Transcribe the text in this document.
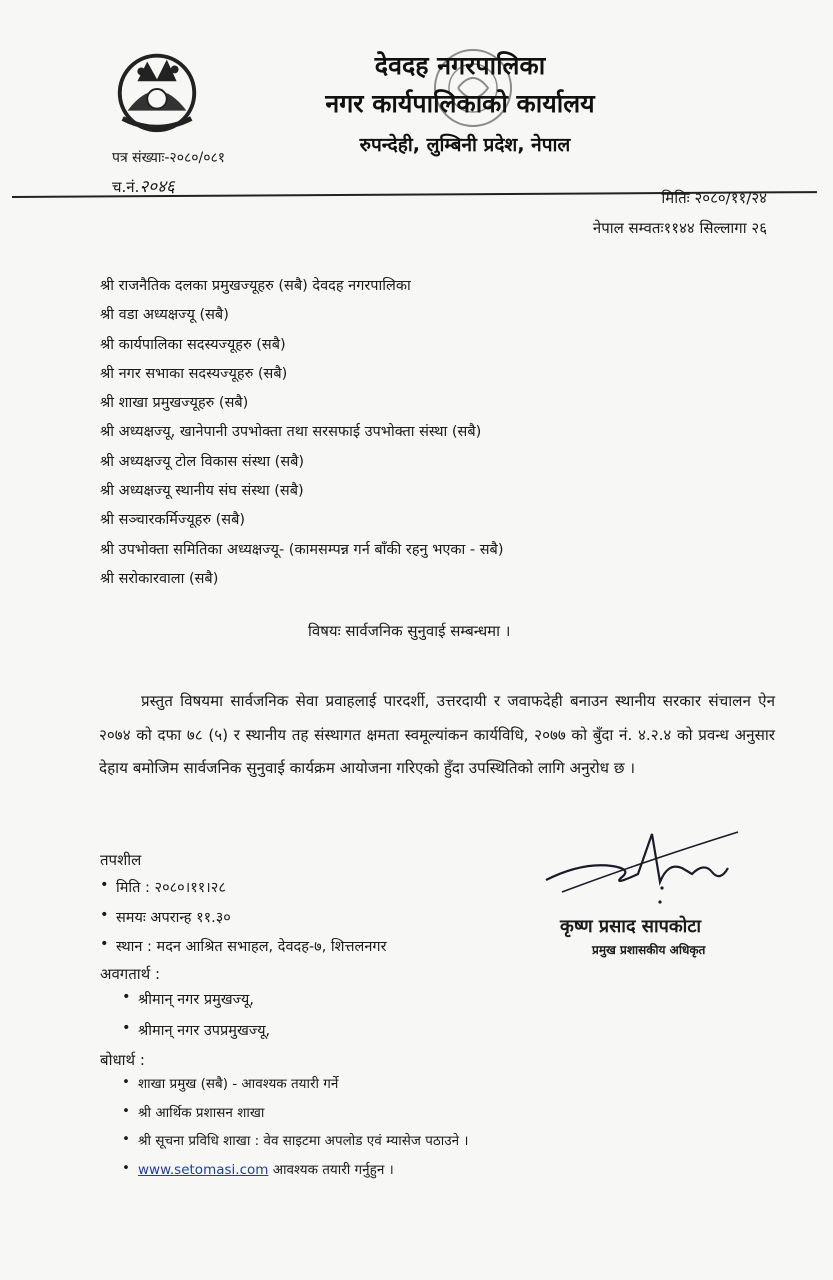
देवदह नगरपालिका
नगर कार्यपालिकाको कार्यालय
रुपन्देही, लुम्बिनी प्रदेश, नेपाल
पत्र संख्याः-२०८०/०८१
च.नं.२०४६
मितिः २०८०/११/२४
नेपाल सम्वतः११४४ सिल्लागा २६
श्री राजनैतिक दलका प्रमुखज्यूहरु (सबै) देवदह नगरपालिका
श्री वडा अध्यक्षज्यू (सबै)
श्री कार्यपालिका सदस्यज्यूहरु (सबै)
श्री नगर सभाका सदस्यज्यूहरु (सबै)
श्री शाखा प्रमुखज्यूहरु (सबै)
श्री अध्यक्षज्यू, खानेपानी उपभोक्ता तथा सरसफाई उपभोक्ता संस्था (सबै)
श्री अध्यक्षज्यू टोल विकास संस्था (सबै)
श्री अध्यक्षज्यू स्थानीय संघ संस्था (सबै)
श्री सञ्चारकर्मिज्यूहरु (सबै)
श्री उपभोक्ता समितिका अध्यक्षज्यू- (कामसम्पन्न गर्न बाँकी रहनु भएका - सबै)
श्री सरोकारवाला (सबै)
विषयः सार्वजनिक सुनुवाई सम्बन्धमा ।

प्रस्तुत विषयमा सार्वजनिक सेवा प्रवाहलाई पारदर्शी, उत्तरदायी र जवाफदेही बनाउन स्थानीय सरकार संचालन ऐन २०७४ को दफा ७८ (५) र स्थानीय तह संस्थागत क्षमता स्वमूल्यांकन कार्यविधि, २०७७ को बुँदा नं. ४.२.४ को प्रवन्ध अनुसार देहाय बमोजिम सार्वजनिक सुनुवाई कार्यक्रम आयोजना गरिएको हुँदा उपस्थितिको लागि अनुरोध छ ।

तपशील
• मिति : २०८०।११।२८
• समयः अपरान्ह ११.३०
• स्थान : मदन आश्रित सभाहल, देवदह-७, शित्तलनगर
अवगतार्थ :
• श्रीमान् नगर प्रमुखज्यू,
• श्रीमान् नगर उपप्रमुखज्यू,
बोधार्थ :
• शाखा प्रमुख (सबै) - आवश्यक तयारी गर्ने
• श्री आर्थिक प्रशासन शाखा
• श्री सूचना प्रविधि शाखा : वेव साइटमा अपलोड एवं म्यासेज पठाउने ।
• www.setomasi.com आवश्यक तयारी गर्नुहुन ।
कृष्ण प्रसाद सापकोटा
प्रमुख प्रशासकीय अधिकृत
